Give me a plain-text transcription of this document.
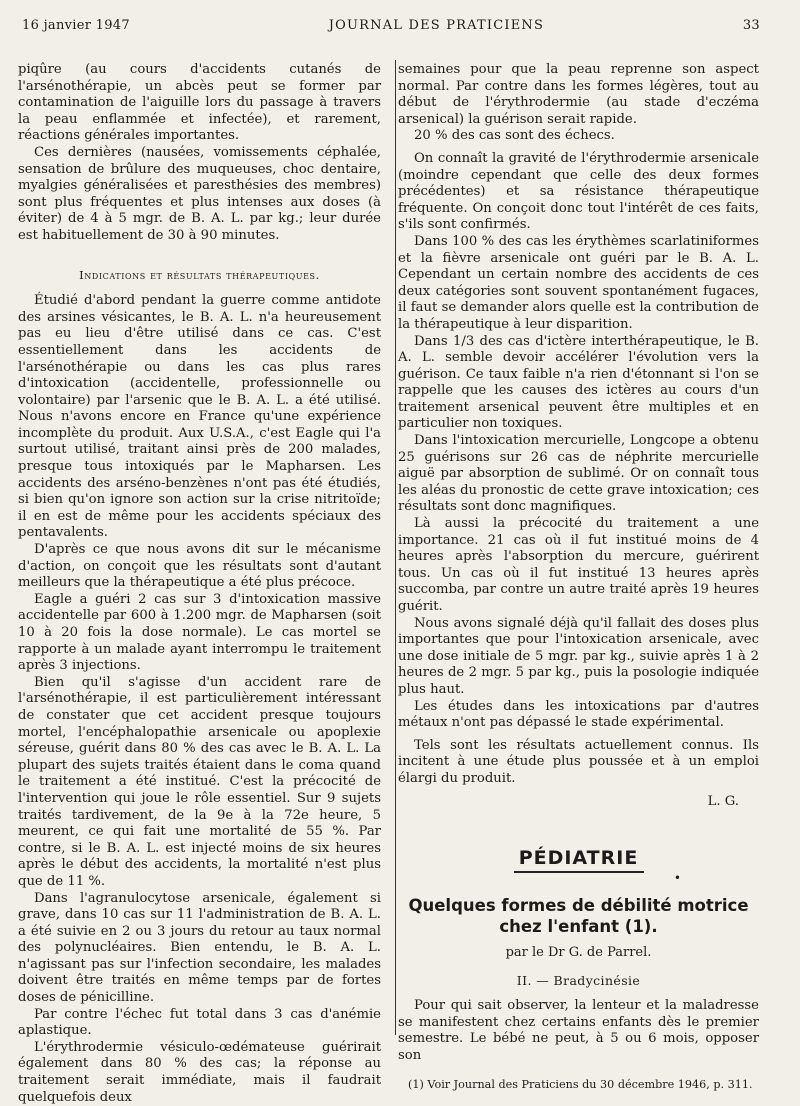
16 janvier 1947	JOURNAL DES PRATICIENS	33

piqûre (au cours d'accidents cutanés de l'arsénothérapie, un abcès peut se former par contamination de l'aiguille lors du passage à travers la peau enflammée et infectée), et rarement, réactions générales importantes.

Ces dernières (nausées, vomissements céphalée, sensation de brûlure des muqueuses, choc dentaire, myalgies généralisées et paresthésies des membres) sont plus fréquentes et plus intenses aux doses (à éviter) de 4 à 5 mgr. de B. A. L. par kg.; leur durée est habituellement de 30 à 90 minutes.

Indications et résultats thérapeutiques.

Étudié d'abord pendant la guerre comme antidote des arsines vésicantes, le B. A. L. n'a heureusement pas eu lieu d'être utilisé dans ce cas. C'est essentiellement dans les accidents de l'arsénothérapie ou dans les cas plus rares d'intoxication (accidentelle, professionnelle ou volontaire) par l'arsenic que le B. A. L. a été utilisé. Nous n'avons encore en France qu'une expérience incomplète du produit. Aux U.S.A., c'est Eagle qui l'a surtout utilisé, traitant ainsi près de 200 malades, presque tous intoxiqués par le Mapharsen. Les accidents des arséno-benzènes n'ont pas été étudiés, si bien qu'on ignore son action sur la crise nitritoïde; il en est de même pour les accidents spéciaux des pentavalents.

D'après ce que nous avons dit sur le mécanisme d'action, on conçoit que les résultats sont d'autant meilleurs que la thérapeutique a été plus précoce.

Eagle a guéri 2 cas sur 3 d'intoxication massive accidentelle par 600 à 1.200 mgr. de Mapharsen (soit 10 à 20 fois la dose normale). Le cas mortel se rapporte à un malade ayant interrompu le traitement après 3 injections.

Bien qu'il s'agisse d'un accident rare de l'arsénothérapie, il est particulièrement intéressant de constater que cet accident presque toujours mortel, l'encéphalopathie arsenicale ou apoplexie séreuse, guérit dans 80 % des cas avec le B. A. L. La plupart des sujets traités étaient dans le coma quand le traitement a été institué. C'est la précocité de l'intervention qui joue le rôle essentiel. Sur 9 sujets traités tardivement, de la 9e à la 72e heure, 5 meurent, ce qui fait une mortalité de 55 %. Par contre, si le B. A. L. est injecté moins de six heures après le début des accidents, la mortalité n'est plus que de 11 %.

Dans l'agranulocytose arsenicale, également si grave, dans 10 cas sur 11 l'administration de B. A. L. a été suivie en 2 ou 3 jours du retour au taux normal des polynucléaires. Bien entendu, le B. A. L. n'agissant pas sur l'infection secondaire, les malades doivent être traités en même temps par de fortes doses de pénicilline.

Par contre l'échec fut total dans 3 cas d'anémie aplastique.

L'érythrodermie vésiculo-œdémateuse guérirait également dans 80 % des cas; la réponse au traitement serait immédiate, mais il faudrait quelquefois deux

semaines pour que la peau reprenne son aspect normal. Par contre dans les formes légères, tout au début de l'érythrodermie (au stade d'eczéma arsenical) la guérison serait rapide.

20 % des cas sont des échecs.

On connaît la gravité de l'érythrodermie arsenicale (moindre cependant que celle des deux formes précédentes) et sa résistance thérapeutique fréquente. On conçoit donc tout l'intérêt de ces faits, s'ils sont confirmés.

Dans 100 % des cas les érythèmes scarlatiniformes et la fièvre arsenicale ont guéri par le B. A. L. Cependant un certain nombre des accidents de ces deux catégories sont souvent spontanément fugaces, il faut se demander alors quelle est la contribution de la thérapeutique à leur disparition.

Dans 1/3 des cas d'ictère interthérapeutique, le B. A. L. semble devoir accélérer l'évolution vers la guérison. Ce taux faible n'a rien d'étonnant si l'on se rappelle que les causes des ictères au cours d'un traitement arsenical peuvent être multiples et en particulier non toxiques.

Dans l'intoxication mercurielle, Longcope a obtenu 25 guérisons sur 26 cas de néphrite mercurielle aiguë par absorption de sublimé. Or on connaît tous les aléas du pronostic de cette grave intoxication; ces résultats sont donc magnifiques.

Là aussi la précocité du traitement a une importance. 21 cas où il fut institué moins de 4 heures après l'absorption du mercure, guérirent tous. Un cas où il fut institué 13 heures après succomba, par contre un autre traité après 19 heures guérit.

Nous avons signalé déjà qu'il fallait des doses plus importantes que pour l'intoxication arsenicale, avec une dose initiale de 5 mgr. par kg., suivie après 1 à 2 heures de 2 mgr. 5 par kg., puis la posologie indiquée plus haut.

Les études dans les intoxications par d'autres métaux n'ont pas dépassé le stade expérimental.

Tels sont les résultats actuellement connus. Ils incitent à une étude plus poussée et à un emploi élargi du produit.

L. G.
PÉDIATRIE
•
Quelques formes de débilité motrice chez l'enfant (1).
par le Dr G. de Parrel.
II. — Bradycinésie

Pour qui sait observer, la lenteur et la maladresse se manifestent chez certains enfants dès le premier semestre. Le bébé ne peut, à 5 ou 6 mois, opposer son

(1) Voir Journal des Praticiens du 30 décembre 1946, p. 311.
